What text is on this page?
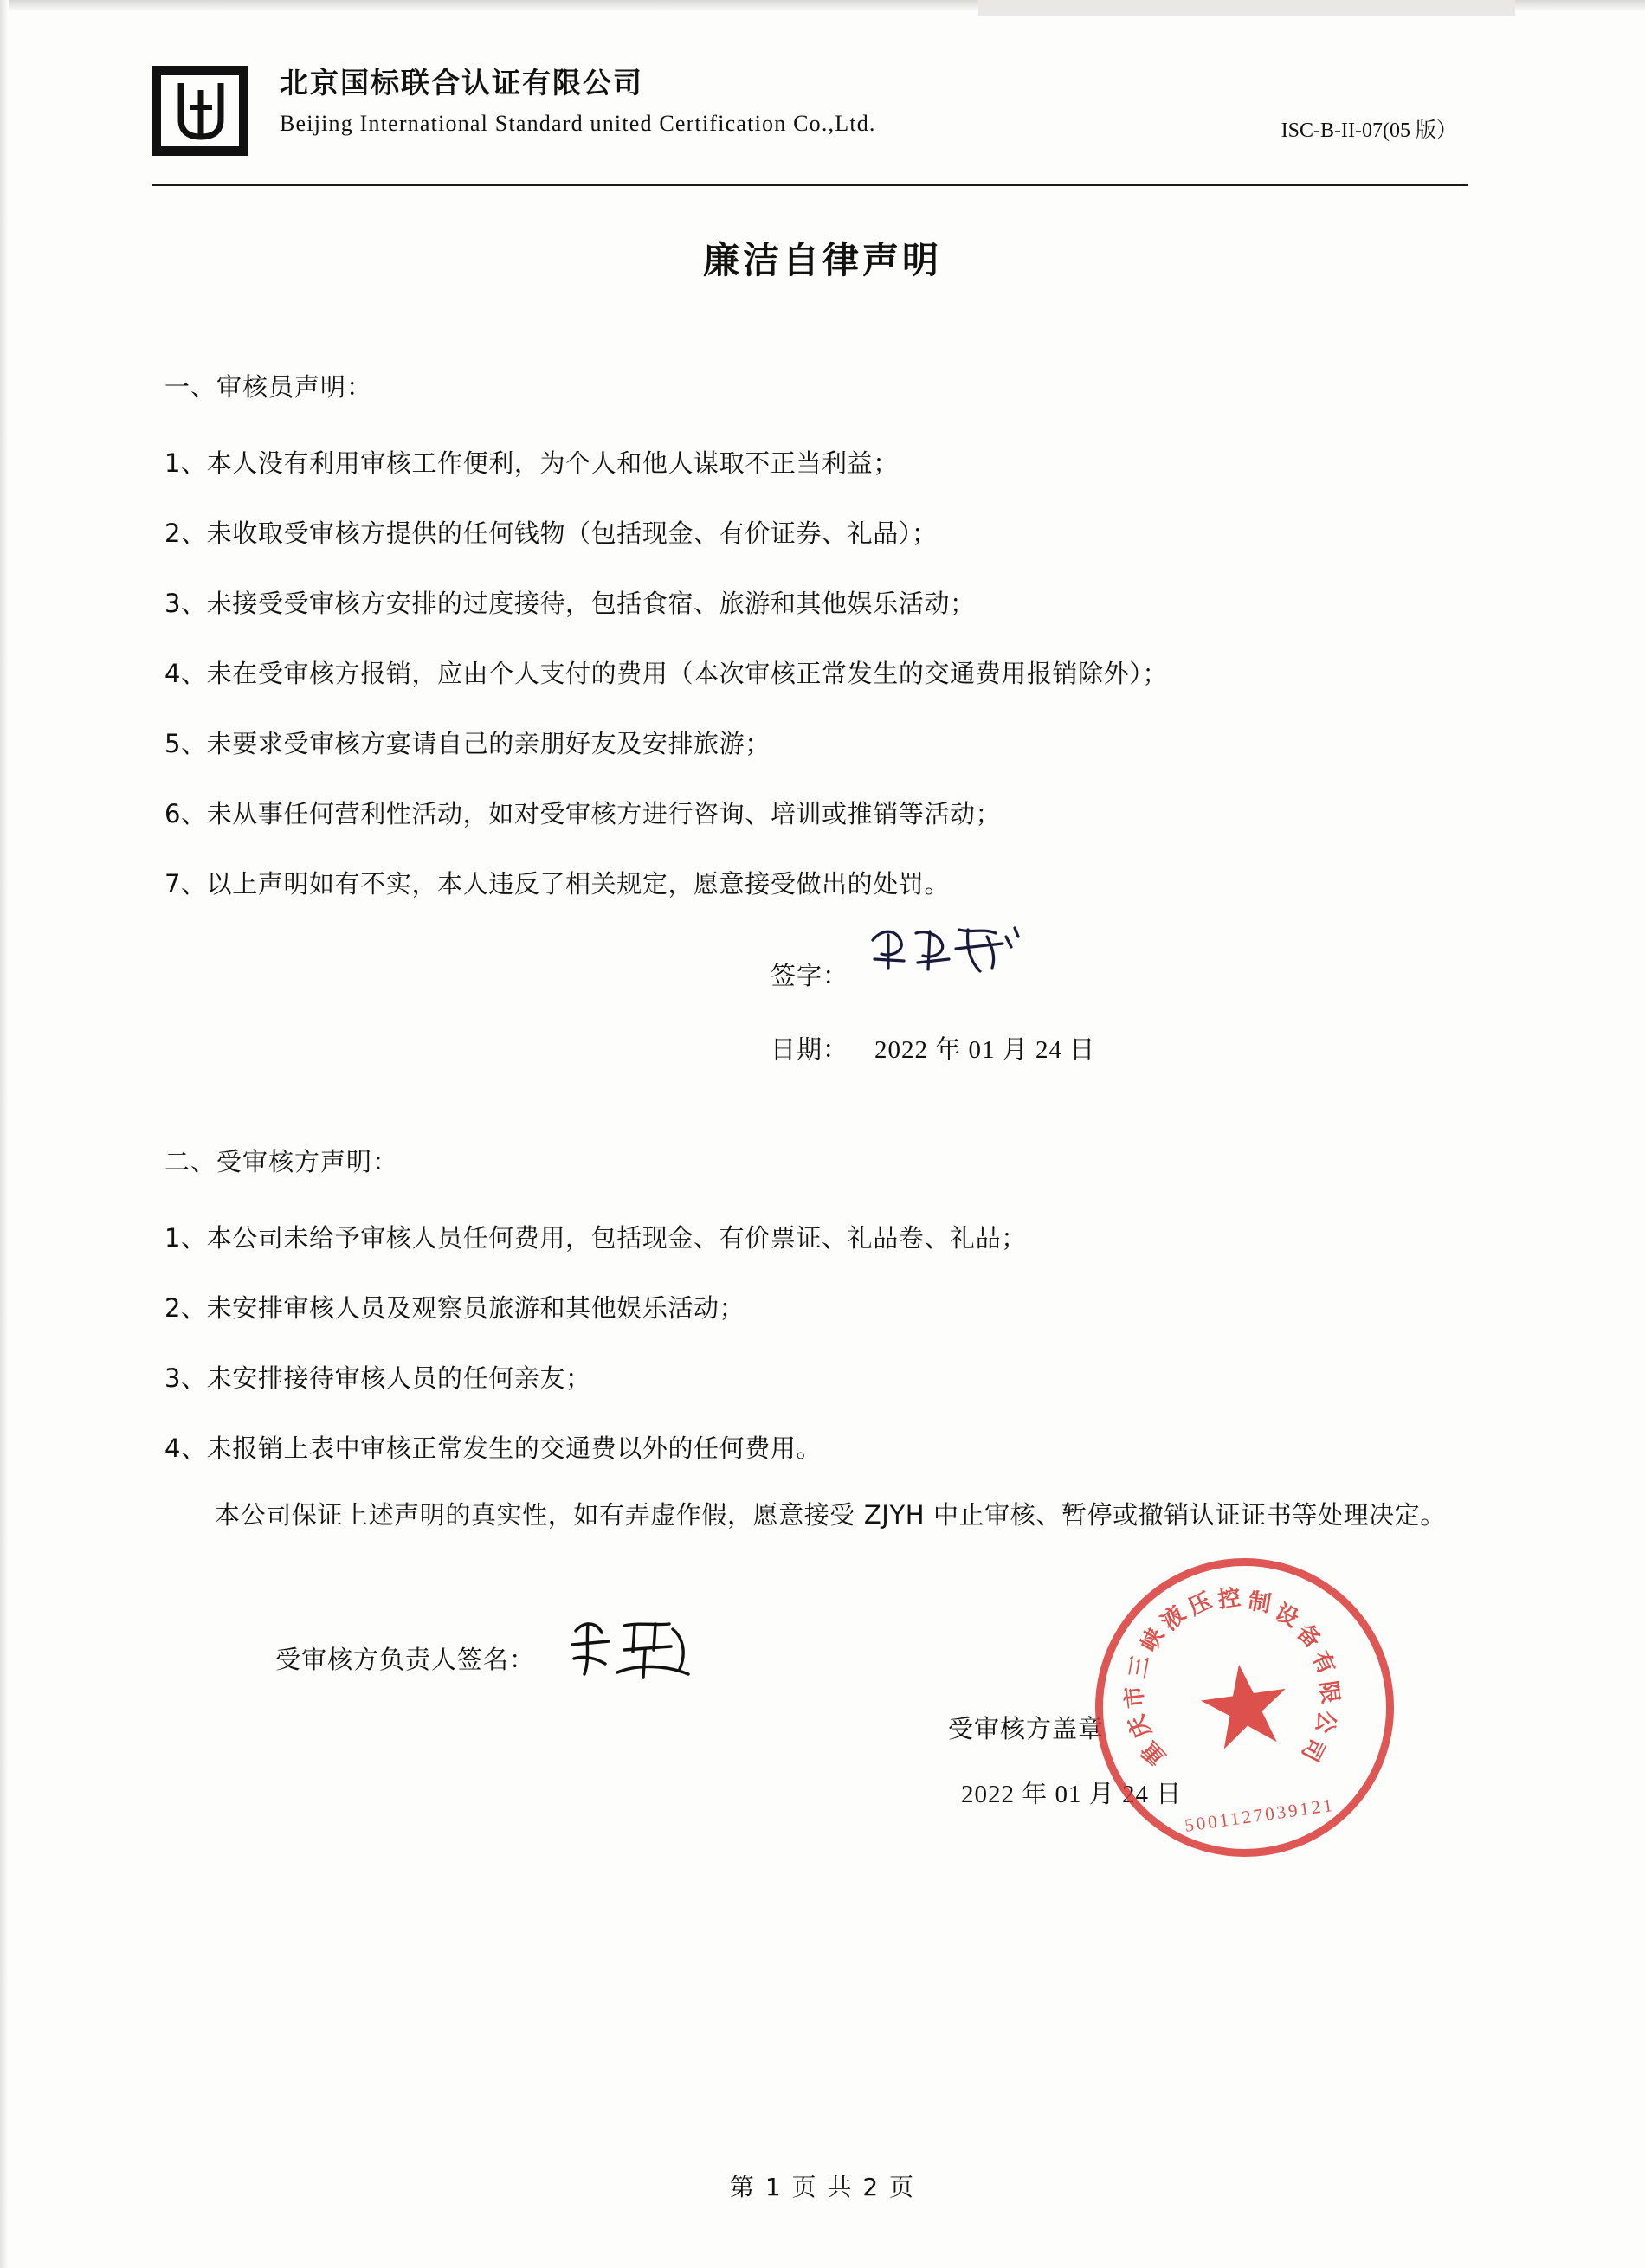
北京国标联合认证有限公司
Beijing International Standard united Certification Co.,Ltd.	ISC-B-II-07(05 版）
廉洁自律声明
一、审核员声明：
1、本人没有利用审核工作便利，为个人和他人谋取不正当利益；
2、未收取受审核方提供的任何钱物（包括现金、有价证券、礼品）；
3、未接受受审核方安排的过度接待，包括食宿、旅游和其他娱乐活动；
4、未在受审核方报销，应由个人支付的费用（本次审核正常发生的交通费用报销除外）；
5、未要求受审核方宴请自己的亲朋好友及安排旅游；
6、未从事任何营利性活动，如对受审核方进行咨询、培训或推销等活动；
7、以上声明如有不实，本人违反了相关规定，愿意接受做出的处罚。
签字：
日期： 2022 年 01 月 24 日
二、受审核方声明：
1、本公司未给予审核人员任何费用，包括现金、有价票证、礼品卷、礼品；
2、未安排审核人员及观察员旅游和其他娱乐活动；
3、未安排接待审核人员的任何亲友；
4、未报销上表中审核正常发生的交通费以外的任何费用。
本公司保证上述声明的真实性，如有弄虚作假，愿意接受 ZJYH 中止审核、暂停或撤销认证证书等处理决定。
受审核方负责人签名：
受审核方盖章
2022 年 01 月 24 日
重
庆
市
三
峡
液
压 控 制
设
备
有
限
公
司
5001127039121
第 1 页 共 2 页
